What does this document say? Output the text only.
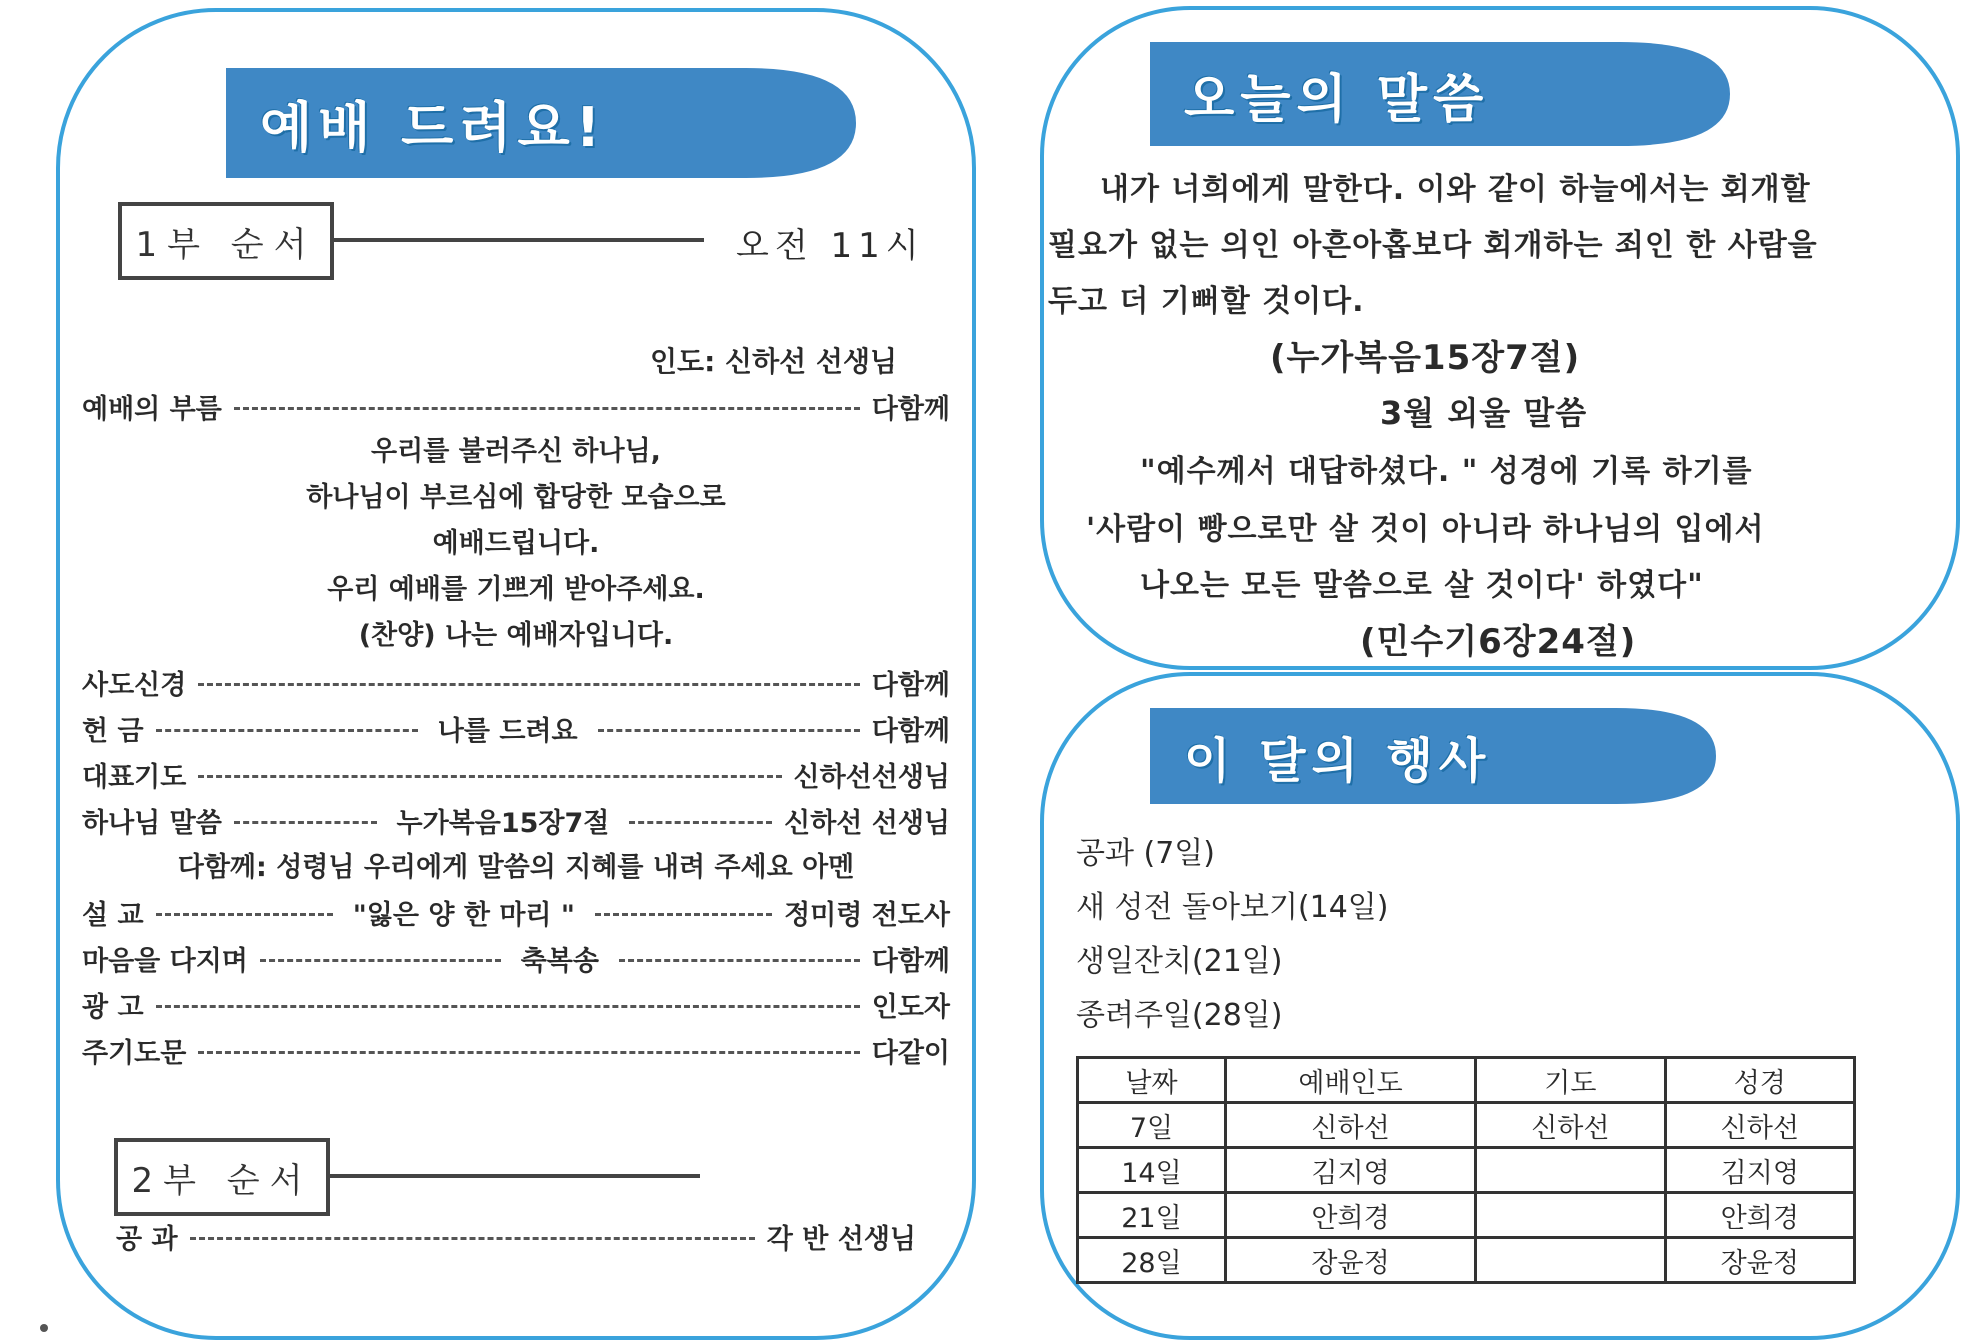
예배 드려요!
1부 순서	오전 11시
인도: 신하선 선생님
예배의 부름	다함께
우리를 불러주신 하나님,
하나님이 부르심에 합당한 모습으로
예배드립니다.
우리 예배를 기쁘게 받아주세요.
(찬양) 나는 예배자입니다.
사도신경	다함께
헌 금	나를 드려요	다함께
대표기도	신하선선생님
하나님 말씀	누가복음15장7절	신하선 선생님
다함께: 성령님 우리에게 말씀의 지혜를 내려 주세요 아멘
설 교	"잃은 양 한 마리 "	정미령 전도사
마음을 다지며	축복송	다함께
광 고	인도자
주기도문	다같이
2부 순서
공 과	각 반 선생님
오늘의 말씀
내가 너희에게 말한다. 이와 같이 하늘에서는 회개할
필요가 없는 의인 아흔아홉보다 회개하는 죄인 한 사람을
두고 더 기뻐할 것이다.
(누가복음15장7절)
3월 외울 말씀
"예수께서 대답하셨다. " 성경에 기록 하기를
'사람이 빵으로만 살 것이 아니라 하나님의 입에서
나오는 모든 말씀으로 살 것이다' 하였다"
(민수기6장24절)
이 달의 행사
공과 (7일)
새 성전 돌아보기(14일)
생일잔치(21일)
종려주일(28일)
날짜	예배인도	기도	성경
7일	신하선	신하선	신하선
14일	김지영		김지영
21일	안희경		안희경
28일	장윤정		장윤정
